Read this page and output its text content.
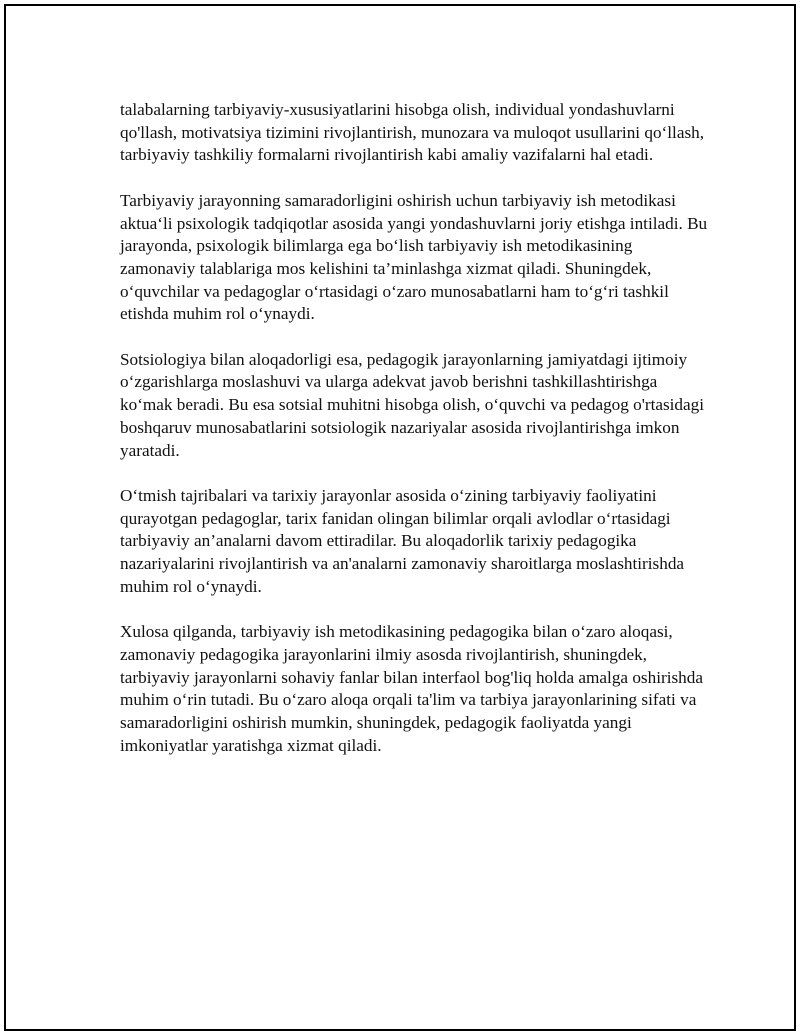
talabalarning tarbiyaviy-xususiyatlarini hisobga olish, individual yondashuvlarni qo'llash, motivatsiya tizimini rivojlantirish, munozara va muloqot usullarini qo‘llash, tarbiyaviy tashkiliy formalarni rivojlantirish kabi amaliy vazifalarni hal etadi.

Tarbiyaviy jarayonning samaradorligini oshirish uchun tarbiyaviy ish metodikasi aktua‘li psixologik tadqiqotlar asosida yangi yondashuvlarni joriy etishga intiladi. Bu jarayonda, psixologik bilimlarga ega bo‘lish tarbiyaviy ish metodikasining zamonaviy talablariga mos kelishini ta’minlashga xizmat qiladi. Shuningdek, o‘quvchilar va pedagoglar o‘rtasidagi o‘zaro munosabatlarni ham to‘g‘ri tashkil etishda muhim rol o‘ynaydi.

Sotsiologiya bilan aloqadorligi esa, pedagogik jarayonlarning jamiyatdagi ijtimoiy o‘zgarishlarga moslashuvi va ularga adekvat javob berishni tashkillashtirishga ko‘mak beradi. Bu esa sotsial muhitni hisobga olish, o‘quvchi va pedagog o'rtasidagi boshqaruv munosabatlarini sotsiologik nazariyalar asosida rivojlantirishga imkon yaratadi.

O‘tmish tajribalari va tarixiy jarayonlar asosida o‘zining tarbiyaviy faoliyatini qurayotgan pedagoglar, tarix fanidan olingan bilimlar orqali avlodlar o‘rtasidagi tarbiyaviy an’analarni davom ettiradilar. Bu aloqadorlik tarixiy pedagogika nazariyalarini rivojlantirish va an'analarni zamonaviy sharoitlarga moslashtirishda muhim rol o‘ynaydi.

Xulosa qilganda, tarbiyaviy ish metodikasining pedagogika bilan o‘zaro aloqasi, zamonaviy pedagogika jarayonlarini ilmiy asosda rivojlantirish, shuningdek, tarbiyaviy jarayonlarni sohaviy fanlar bilan interfaol bog'liq holda amalga oshirishda muhim o‘rin tutadi. Bu o‘zaro aloqa orqali ta'lim va tarbiya jarayonlarining sifati va samaradorligini oshirish mumkin, shuningdek, pedagogik faoliyatda yangi imkoniyatlar yaratishga xizmat qiladi.
